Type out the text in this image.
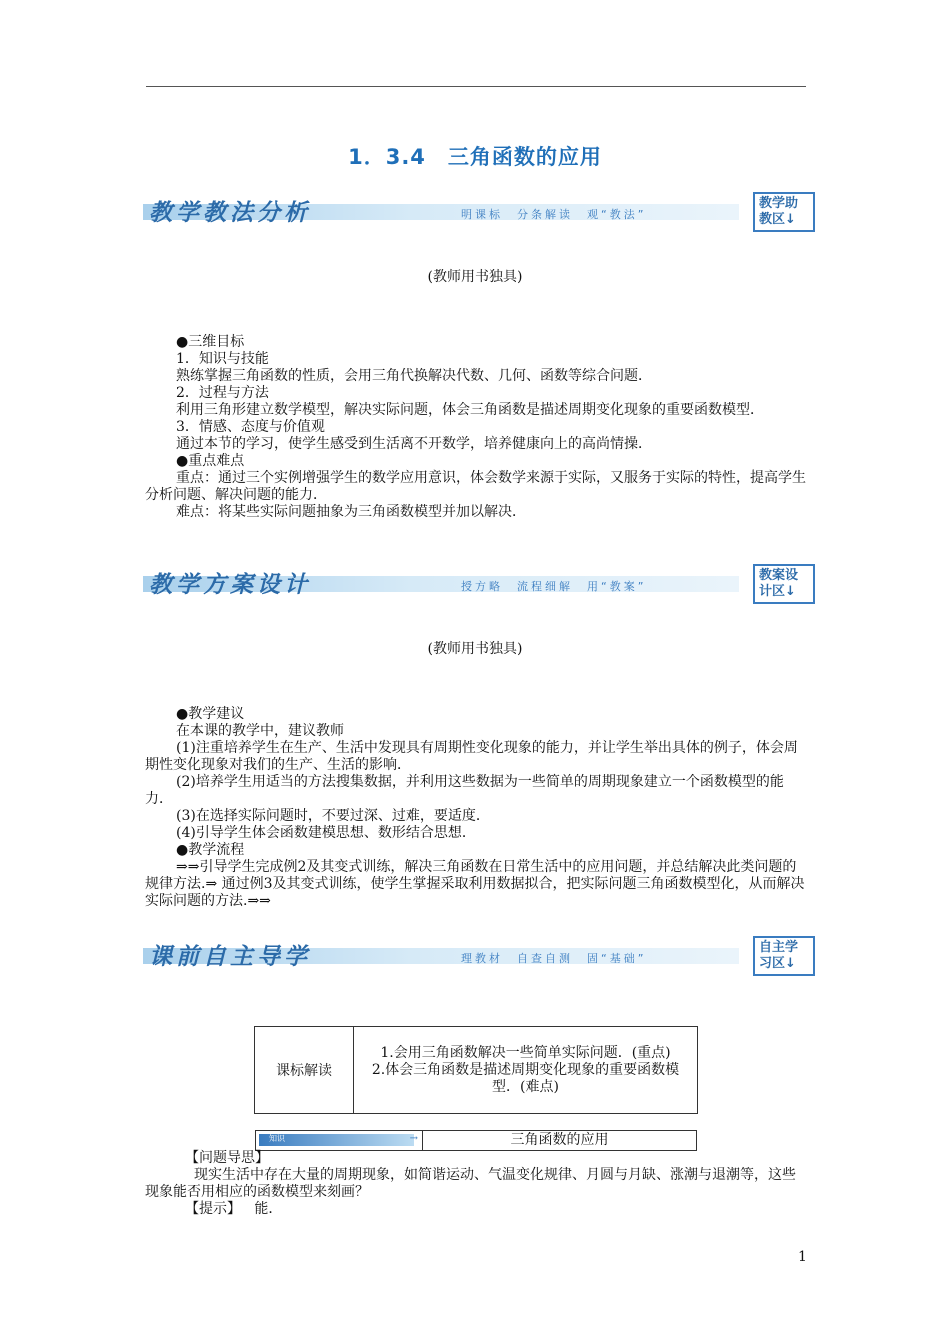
1．3.4　三角函数的应用
教学教法分析	明课标　分条解读　观“教法”
教学助
教区↓
(教师用书独具)

●三维目标

1．知识与技能

熟练掌握三角函数的性质，会用三角代换解决代数、几何、函数等综合问题．

2．过程与方法

利用三角形建立数学模型，解决实际问题，体会三角函数是描述周期变化现象的重要函数模型．

3．情感、态度与价值观

通过本节的学习，使学生感受到生活离不开数学，培养健康向上的高尚情操．

●重点难点

重点：通过三个实例增强学生的数学应用意识，体会数学来源于实际，又服务于实际的特性，提高学生分析问题、解决问题的能力．

难点：将某些实际问题抽象为三角函数模型并加以解决．

教学方案设计	授方略　流程细解　用“教案”
教案设
计区↓
(教师用书独具)

●教学建议

在本课的教学中，建议教师

(1)注重培养学生在生产、生活中发现具有周期性变化现象的能力，并让学生举出具体的例子，体会周期性变化现象对我们的生产、生活的影响．

(2)培养学生用适当的方法搜集数据，并利用这些数据为一些简单的周期现象建立一个函数模型的能力．

(3)在选择实际问题时，不要过深、过难，要适度．

(4)引导学生体会函数建模思想、数形结合思想．

●教学流程

⇒⇒引导学生完成例2及其变式训练，解决三角函数在日常生活中的应用问题，并总结解决此类问题的规律方法.⇒ 通过例3及其变式训练，使学生掌握采取利用数据拟合，把实际问题三角函数模型化，从而解决实际问题的方法.⇒⇒

课前自主导学	理教材　自查自测　固“基础”
自主学
习区↓
课标解读	
1.会用三角函数解决一些简单实际问题．(重点)
2.体会三角函数是描述周期变化现象的重要函数模型．(难点)
知识	→	三角函数的应用

【问题导思】

现实生活中存在大量的周期现象，如简谐运动、气温变化规律、月圆与月缺、涨潮与退潮等，这些现象能否用相应的函数模型来刻画？

【提示】 能．

1
